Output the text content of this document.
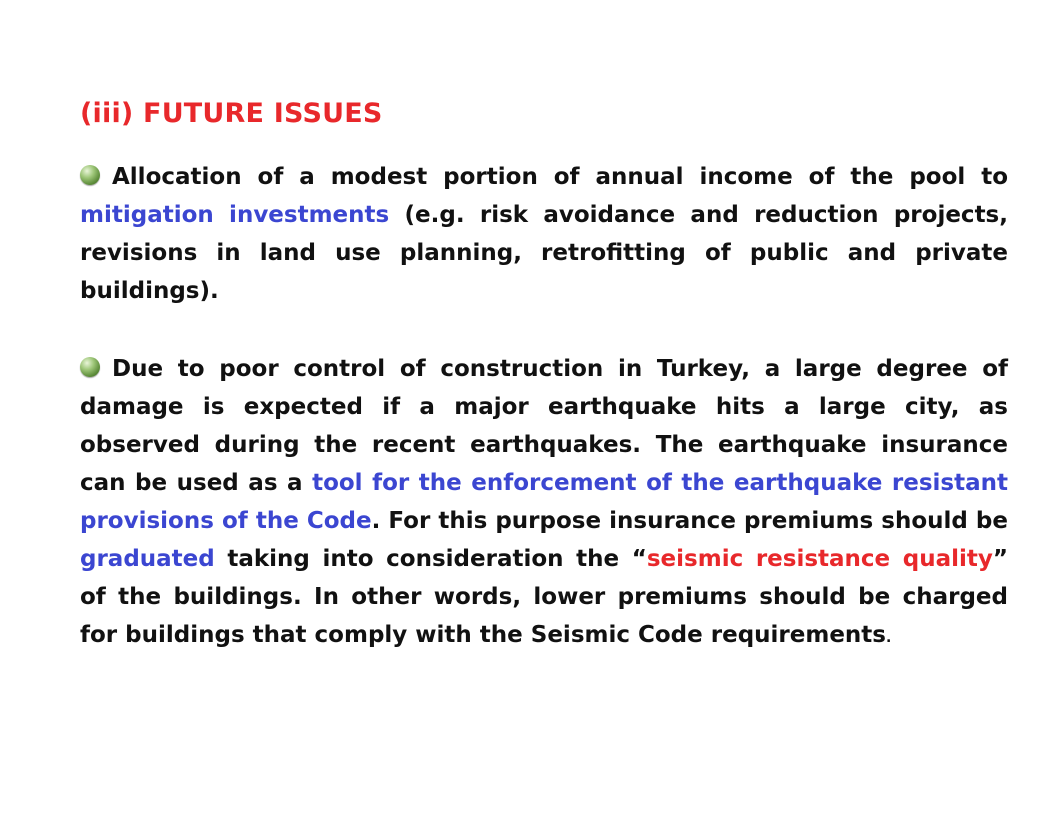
(iii) FUTURE ISSUES

Allocation of a modest portion of annual income of the pool to mitigation investments (e.g. risk avoidance and reduction projects, revisions in land use planning, retrofitting of public and private buildings).

Due to poor control of construction in Turkey, a large degree of damage is expected if a major earthquake hits a large city, as observed during the recent earthquakes. The earthquake insurance can be used as a tool for the enforcement of the earthquake resistant provisions of the Code. For this purpose insurance premiums should be graduated taking into consideration the “seismic resistance quality” of the buildings. In other words, lower premiums should be charged for buildings that comply with the Seismic Code requirements.
